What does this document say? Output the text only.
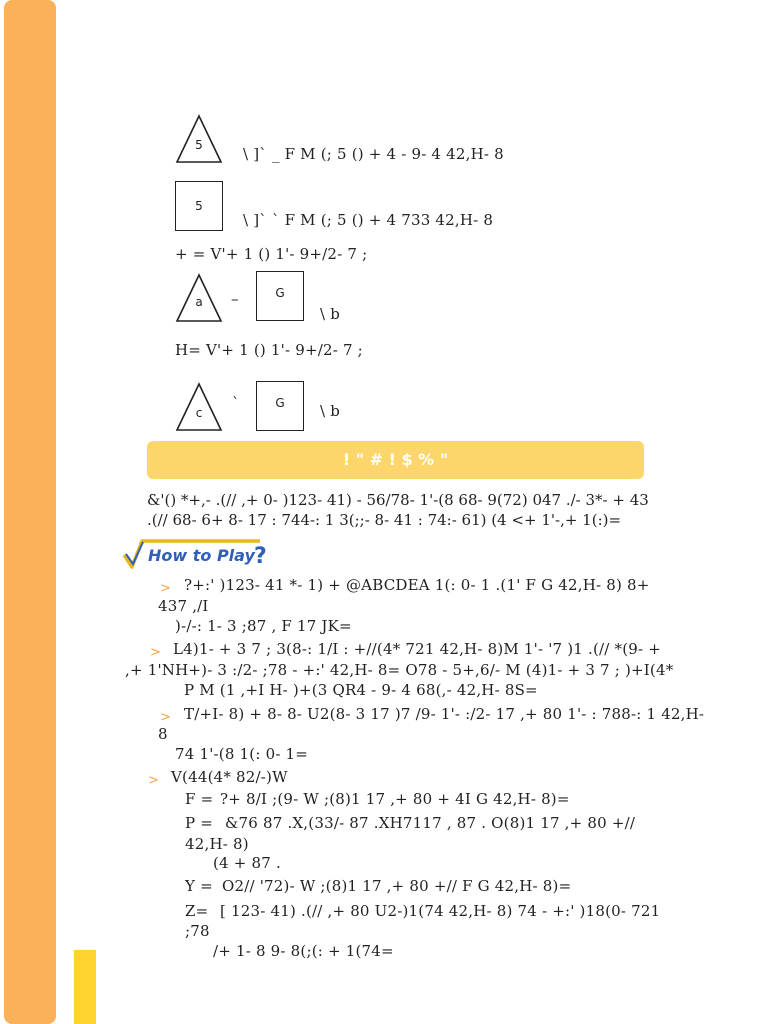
5	\ ]` _ F M (; 5 () + 4 - 9- 4 42,H- 8
5
\ ]` ` F M (; 5 () + 4 733 42,H- 8
+ = V'+ 1 () 1'- 9+/2- 7 ;
a	–	G
\ b
H= V'+ 1 () 1'- 9+/2- 7 ;
c
`	G \ b
! " # ! $ % "
&'() *+,- .(// ,+ 0- )123- 41) - 56/78- 1'-(8 68- 9(72) 047 ./- 3*- + 43
.(// 68- 6+ 8- 17 : 744-: 1 3(;;- 8- 41 : 74:- 61) (4 <+ 1'-,+ 1(:)=
?
How to Play
> ?+:' )123- 41 *- 1) + @ABCDEA 1(: 0- 1 .(1' F G 42,H- 8) 8+
437 ,/I
)-/-: 1- 3 ;87 , F 17 JK=
> L4)1- + 3 7 ; 3(8-: 1/I : +//(4* 721 42,H- 8)M 1'- '7 )1 .(// *(9- +
,+ 1'NH+)- 3 :/2- ;78 - +:' 42,H- 8= O78 - 5+,6/- M (4)1- + 3 7 ; )+I(4*
P M (1 ,+I H- )+(3 QR4 - 9- 4 68(,- 42,H- 8S=
> T/+I- 8) + 8- 8- U2(8- 3 17 )7 /9- 1'- :/2- 17 ,+ 80 1'- : 788-: 1 42,H-
8
74 1'-(8 1(: 0- 1=
> V(44(4* 82/-)W
F = ?+ 8/I ;(9- W ;(8)1 17 ,+ 80 + 4I G 42,H- 8)=
P = &76 87 .X,(33/- 87 .XH7117 , 87 . O(8)1 17 ,+ 80 +//
42,H- 8)
(4 + 87 .
Y = O2// '72)- W ;(8)1 17 ,+ 80 +// F G 42,H- 8)=
Z= [ 123- 41) .(// ,+ 80 U2-)1(74 42,H- 8) 74 - +:' )18(0- 721
;78
/+ 1- 8 9- 8(;(: + 1(74=
